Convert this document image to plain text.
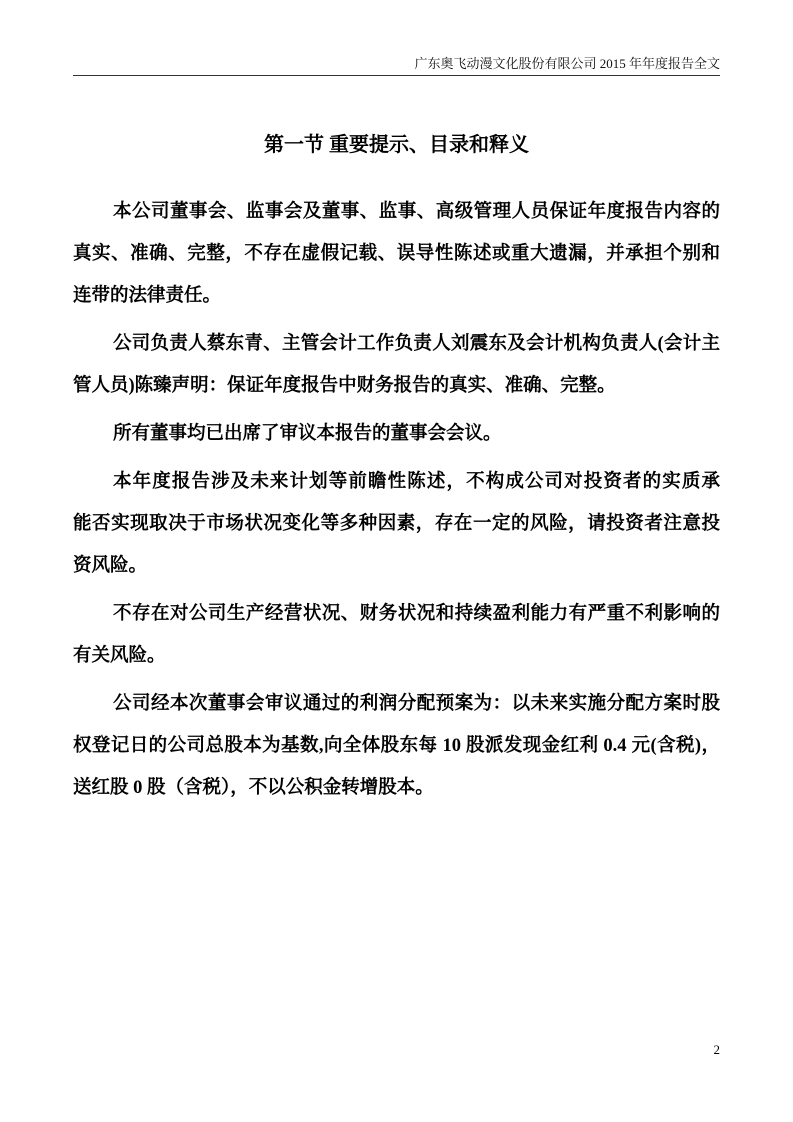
广东奥飞动漫文化股份有限公司 2015 年年度报告全文
第一节 重要提示、目录和释义
本公司董事会、监事会及董事、监事、高级管理人员保证年度报告内容的
真实、准确、完整，不存在虚假记载、误导性陈述或重大遗漏，并承担个别和
连带的法律责任。
公司负责人蔡东青、主管会计工作负责人刘震东及会计机构负责人(会计主
管人员)陈臻声明：保证年度报告中财务报告的真实、准确、完整。
所有董事均已出席了审议本报告的董事会会议。
本年度报告涉及未来计划等前瞻性陈述，不构成公司对投资者的实质承
能否实现取决于市场状况变化等多种因素，存在一定的风险，请投资者注意投
资风险。
不存在对公司生产经营状况、财务状况和持续盈利能力有严重不利影响的
有关风险。
公司经本次董事会审议通过的利润分配预案为：以未来实施分配方案时股
权登记日的公司总股本为基数,向全体股东每 10 股派发现金红利 0.4 元(含税)，
送红股 0 股（含税），不以公积金转增股本。
2
